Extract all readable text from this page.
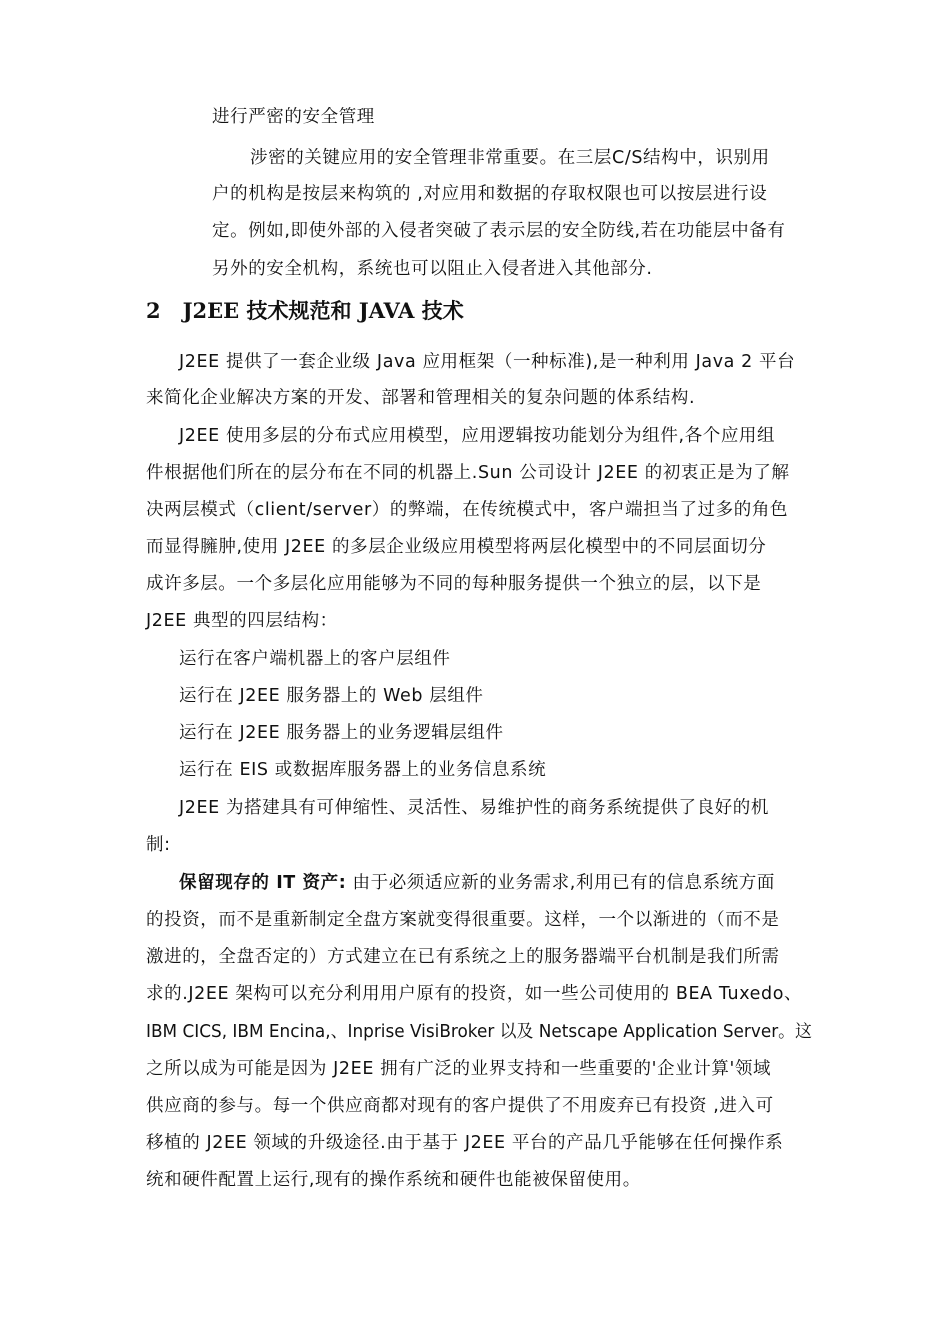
进行严密的安全管理
涉密的关键应用的安全管理非常重要。在三层C/S结构中，识别用
户的机构是按层来构筑的 ,对应用和数据的存取权限也可以按层进行设
定。例如,即使外部的入侵者突破了表示层的安全防线,若在功能层中备有
另外的安全机构，系统也可以阻止入侵者进入其他部分.
2 J2EE 技术规范和 JAVA 技术
J2EE 提供了一套企业级 Java 应用框架（一种标准),是一种利用 Java 2 平台
来简化企业解决方案的开发、部署和管理相关的复杂问题的体系结构.
J2EE 使用多层的分布式应用模型，应用逻辑按功能划分为组件,各个应用组
件根据他们所在的层分布在不同的机器上.Sun 公司设计 J2EE 的初衷正是为了解
决两层模式（client/server）的弊端，在传统模式中，客户端担当了过多的角色
而显得臃肿,使用 J2EE 的多层企业级应用模型将两层化模型中的不同层面切分
成许多层。一个多层化应用能够为不同的每种服务提供一个独立的层，以下是
J2EE 典型的四层结构：
运行在客户端机器上的客户层组件
运行在 J2EE 服务器上的 Web 层组件
运行在 J2EE 服务器上的业务逻辑层组件
运行在 EIS 或数据库服务器上的业务信息系统
J2EE 为搭建具有可伸缩性、灵活性、易维护性的商务系统提供了良好的机
制:
保留现存的 IT 资产: 由于必须适应新的业务需求,利用已有的信息系统方面
的投资，而不是重新制定全盘方案就变得很重要。这样，一个以渐进的（而不是
激进的，全盘否定的）方式建立在已有系统之上的服务器端平台机制是我们所需
求的.J2EE 架构可以充分利用用户原有的投资，如一些公司使用的 BEA Tuxedo、
IBM CICS, IBM Encina,、Inprise VisiBroker 以及 Netscape Application Server。这
之所以成为可能是因为 J2EE 拥有广泛的业界支持和一些重要的'企业计算'领域
供应商的参与。每一个供应商都对现有的客户提供了不用废弃已有投资 ,进入可
移植的 J2EE 领域的升级途径.由于基于 J2EE 平台的产品几乎能够在任何操作系
统和硬件配置上运行,现有的操作系统和硬件也能被保留使用。
